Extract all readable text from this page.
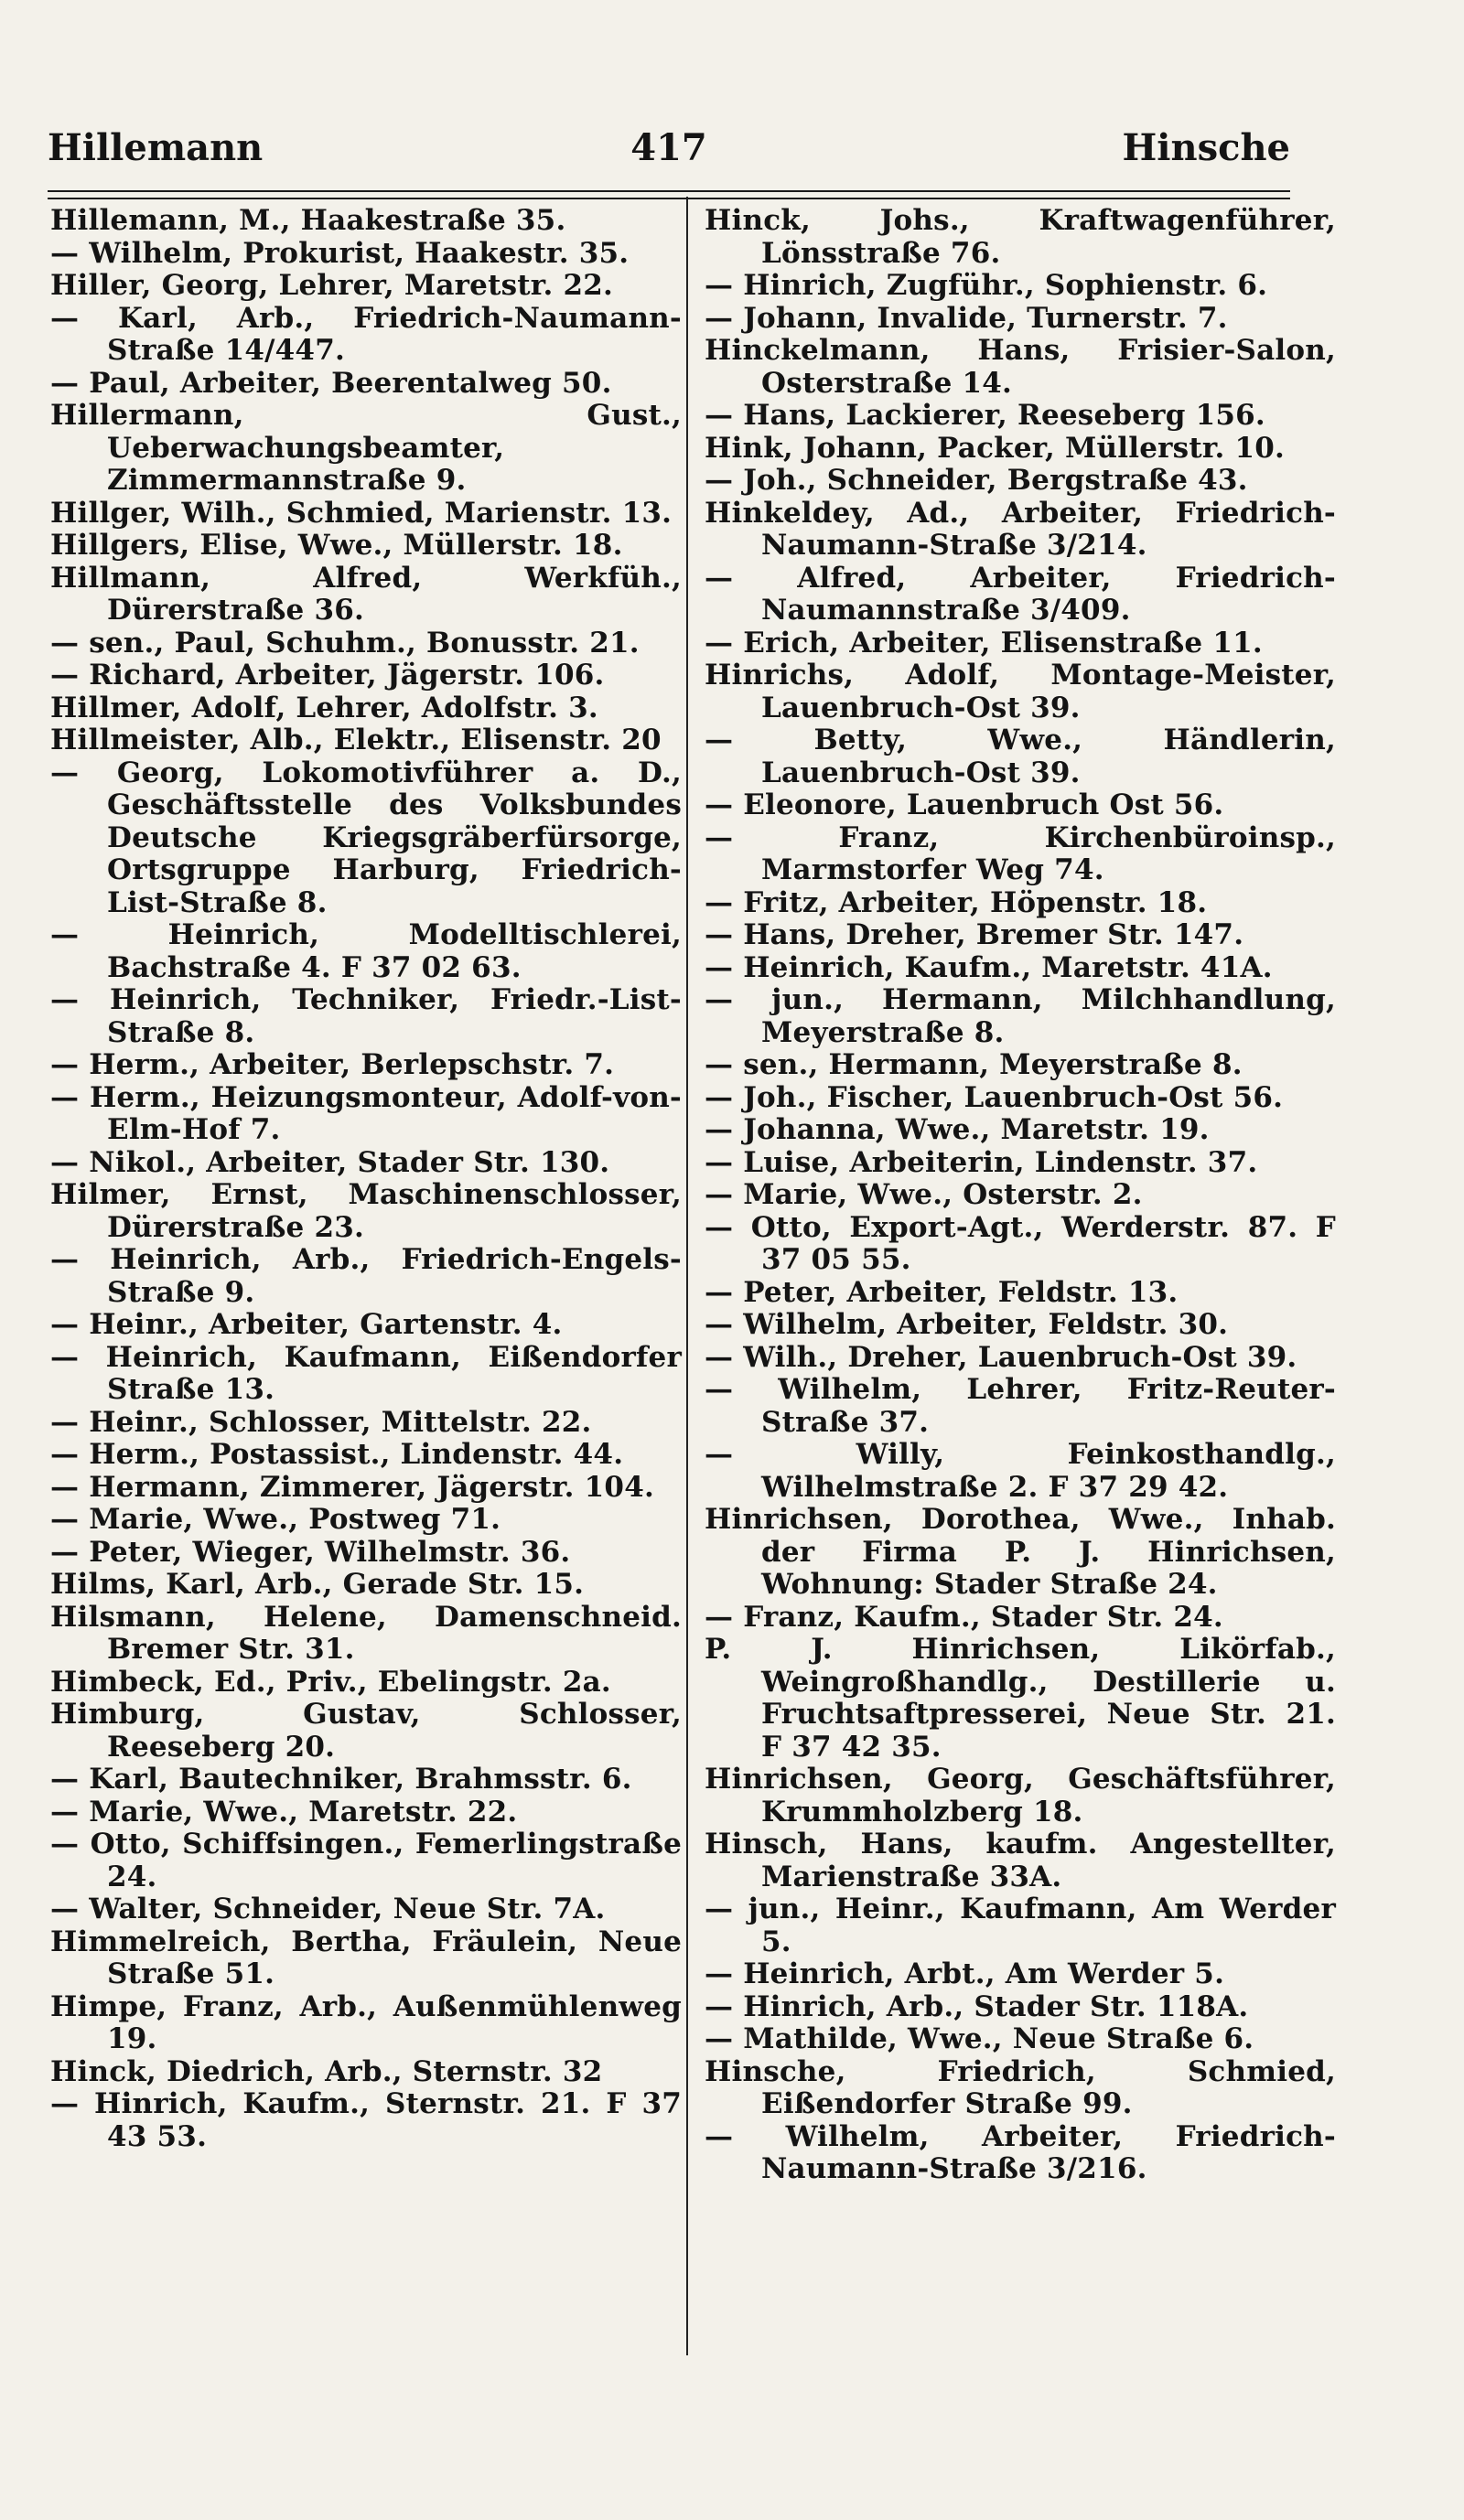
Hillemann	417	Hinsche

Hillemann, M., Haakestraße 35.

— Wilhelm, Prokurist, Haakestr. 35.

Hiller, Georg, Lehrer, Maretstr. 22.

— Karl, Arb., Friedrich-Naumann-Straße 14/447.

— Paul, Arbeiter, Beerentalweg 50.

Hillermann, Gust., Ueberwachungsbeamter, Zimmermannstraße 9.

Hillger, Wilh., Schmied, Marienstr. 13.

Hillgers, Elise, Wwe., Müllerstr. 18.

Hillmann, Alfred, Werkfüh., Dürerstraße 36.

— sen., Paul, Schuhm., Bonusstr. 21.

— Richard, Arbeiter, Jägerstr. 106.

Hillmer, Adolf, Lehrer, Adolfstr. 3.

Hillmeister, Alb., Elektr., Elisenstr. 20

— Georg, Lokomotivführer a. D., Geschäftsstelle des Volksbundes Deutsche Kriegsgräberfürsorge, Ortsgruppe Harburg, Friedrich-List-Straße 8.

— Heinrich, Modelltischlerei, Bachstraße 4. F 37 02 63.

— Heinrich, Techniker, Friedr.-List-Straße 8.

— Herm., Arbeiter, Berlepschstr. 7.

— Herm., Heizungsmonteur, Adolf-von-Elm-Hof 7.

— Nikol., Arbeiter, Stader Str. 130.

Hilmer, Ernst, Maschinenschlosser, Dürerstraße 23.

— Heinrich, Arb., Friedrich-Engels-Straße 9.

— Heinr., Arbeiter, Gartenstr. 4.

— Heinrich, Kaufmann, Eißendorfer Straße 13.

— Heinr., Schlosser, Mittelstr. 22.

— Herm., Postassist., Lindenstr. 44.

— Hermann, Zimmerer, Jägerstr. 104.

— Marie, Wwe., Postweg 71.

— Peter, Wieger, Wilhelmstr. 36.

Hilms, Karl, Arb., Gerade Str. 15.

Hilsmann, Helene, Damenschneid. Bremer Str. 31.

Himbeck, Ed., Priv., Ebelingstr. 2a.

Himburg, Gustav, Schlosser, Reeseberg 20.

— Karl, Bautechniker, Brahmsstr. 6.

— Marie, Wwe., Maretstr. 22.

— Otto, Schiffsingen., Femerlingstraße 24.

— Walter, Schneider, Neue Str. 7A.

Himmelreich, Bertha, Fräulein, Neue Straße 51.

Himpe, Franz, Arb., Außenmühlenweg 19.

Hinck, Diedrich, Arb., Sternstr. 32

— Hinrich, Kaufm., Sternstr. 21. F 37 43 53.

Hinck, Johs., Kraftwagenführer, Lönsstraße 76.

— Hinrich, Zugführ., Sophienstr. 6.

— Johann, Invalide, Turnerstr. 7.

Hinckelmann, Hans, Frisier-Salon, Osterstraße 14.

— Hans, Lackierer, Reeseberg 156.

Hink, Johann, Packer, Müllerstr. 10.

— Joh., Schneider, Bergstraße 43.

Hinkeldey, Ad., Arbeiter, Friedrich-Naumann-Straße 3/214.

— Alfred, Arbeiter, Friedrich-Naumannstraße 3/409.

— Erich, Arbeiter, Elisenstraße 11.

Hinrichs, Adolf, Montage-Meister, Lauenbruch-Ost 39.

— Betty, Wwe., Händlerin, Lauenbruch-Ost 39.

— Eleonore, Lauenbruch Ost 56.

— Franz, Kirchenbüroinsp., Marmstorfer Weg 74.

— Fritz, Arbeiter, Höpenstr. 18.

— Hans, Dreher, Bremer Str. 147.

— Heinrich, Kaufm., Maretstr. 41A.

— jun., Hermann, Milchhandlung, Meyerstraße 8.

— sen., Hermann, Meyerstraße 8.

— Joh., Fischer, Lauenbruch-Ost 56.

— Johanna, Wwe., Maretstr. 19.

— Luise, Arbeiterin, Lindenstr. 37.

— Marie, Wwe., Osterstr. 2.

— Otto, Export-Agt., Werderstr. 87. F 37 05 55.

— Peter, Arbeiter, Feldstr. 13.

— Wilhelm, Arbeiter, Feldstr. 30.

— Wilh., Dreher, Lauenbruch-Ost 39.

— Wilhelm, Lehrer, Fritz-Reuter-Straße 37.

— Willy, Feinkosthandlg., Wilhelmstraße 2. F 37 29 42.

Hinrichsen, Dorothea, Wwe., Inhab. der Firma P. J. Hinrichsen, Wohnung: Stader Straße 24.

— Franz, Kaufm., Stader Str. 24.

P. J. Hinrichsen, Likörfab., Weingroßhandlg., Destillerie u. Fruchtsaftpresserei, Neue Str. 21. F 37 42 35.

Hinrichsen, Georg, Geschäftsführer, Krummholzberg 18.

Hinsch, Hans, kaufm. Angestellter, Marienstraße 33A.

— jun., Heinr., Kaufmann, Am Werder 5.

— Heinrich, Arbt., Am Werder 5.

— Hinrich, Arb., Stader Str. 118A.

— Mathilde, Wwe., Neue Straße 6.

Hinsche, Friedrich, Schmied, Eißendorfer Straße 99.

— Wilhelm, Arbeiter, Friedrich-Naumann-Straße 3/216.
